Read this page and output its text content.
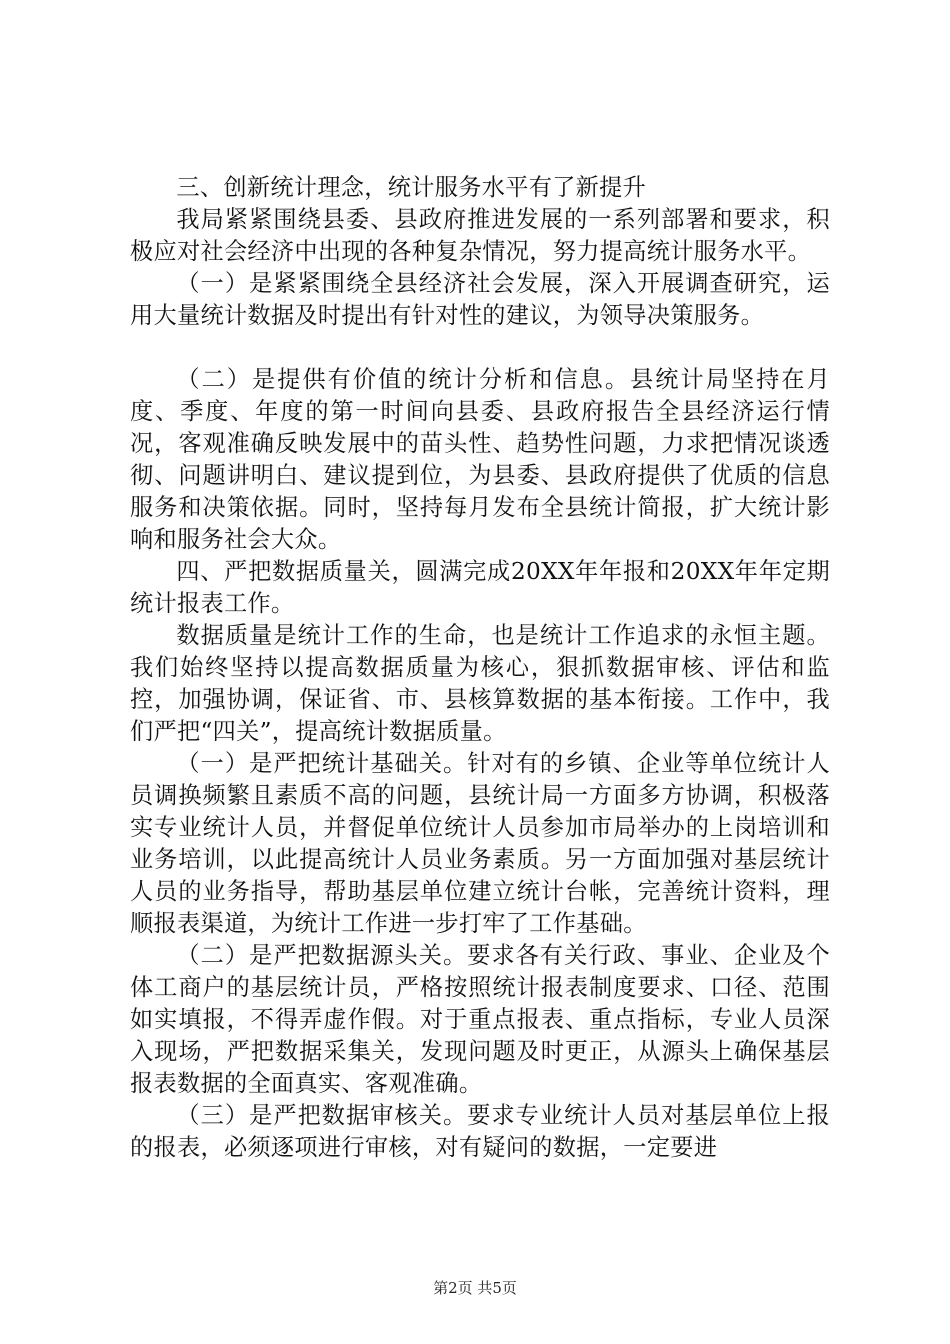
三、创新统计理念，统计服务水平有了新提升

我局紧紧围绕县委、县政府推进发展的一系列部署和要求，积极应对社会经济中出现的各种复杂情况，努力提高统计服务水平。

（一）是紧紧围绕全县经济社会发展，深入开展调查研究，运用大量统计数据及时提出有针对性的建议，为领导决策服务。

（二）是提供有价值的统计分析和信息。县统计局坚持在月度、季度、年度的第一时间向县委、县政府报告全县经济运行情况，客观准确反映发展中的苗头性、趋势性问题，力求把情况谈透彻、问题讲明白、建议提到位，为县委、县政府提供了优质的信息服务和决策依据。同时，坚持每月发布全县统计简报，扩大统计影响和服务社会大众。

四、严把数据质量关，圆满完成20XX年年报和20XX年年定期统计报表工作。

数据质量是统计工作的生命，也是统计工作追求的永恒主题。我们始终坚持以提高数据质量为核心，狠抓数据审核、评估和监控，加强协调，保证省、市、县核算数据的基本衔接。工作中，我们严把“四关”，提高统计数据质量。

（一）是严把统计基础关。针对有的乡镇、企业等单位统计人员调换频繁且素质不高的问题，县统计局一方面多方协调，积极落实专业统计人员，并督促单位统计人员参加市局举办的上岗培训和业务培训，以此提高统计人员业务素质。另一方面加强对基层统计人员的业务指导，帮助基层单位建立统计台帐，完善统计资料，理顺报表渠道，为统计工作进一步打牢了工作基础。

（二）是严把数据源头关。要求各有关行政、事业、企业及个体工商户的基层统计员，严格按照统计报表制度要求、口径、范围如实填报，不得弄虚作假。对于重点报表、重点指标，专业人员深入现场，严把数据采集关，发现问题及时更正，从源头上确保基层报表数据的全面真实、客观准确。

（三）是严把数据审核关。要求专业统计人员对基层单位上报的报表，必须逐项进行审核，对有疑问的数据，一定要进

第2页 共5页
